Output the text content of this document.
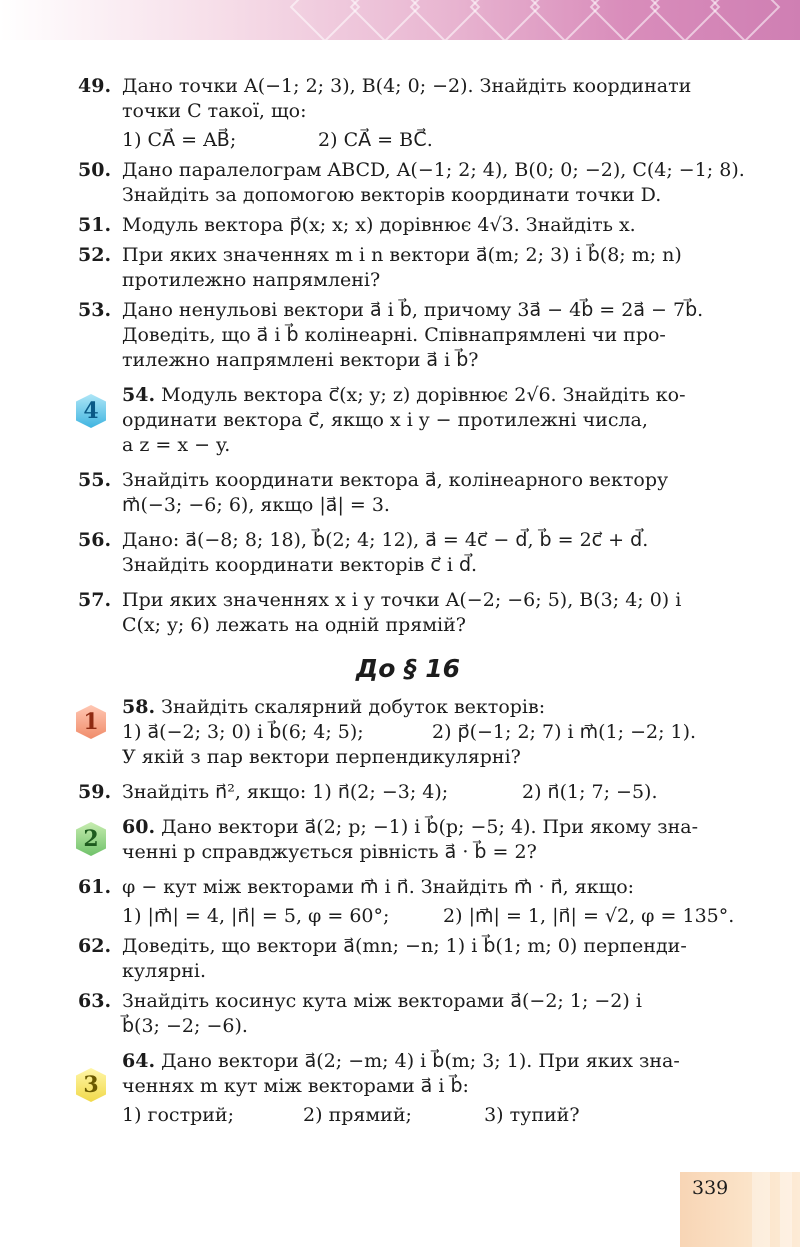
4
1
2
3
49. Дано точки A(−1; 2; 3), B(4; 0; −2). Знайдіть координати
точки C такої, що:
1) CA⃗ = AB⃗;	2) CA⃗ = BC⃗.
50. Дано паралелограм ABCD, A(−1; 2; 4), B(0; 0; −2), C(4; −1; 8).
Знайдіть за допомогою векторів координати точки D.
51. Модуль вектора p⃗(x; x; x) дорівнює 4√3. Знайдіть x.
52. При яких значеннях m і n вектори a⃗(m; 2; 3) і b⃗(8; m; n)
протилежно напрямлені?
53. Дано ненульові вектори a⃗ і b⃗, причому 3a⃗ − 4b⃗ = 2a⃗ − 7b⃗.
Доведіть, що a⃗ і b⃗ колінеарні. Співнапрямлені чи про-
тилежно напрямлені вектори a⃗ і b⃗?
54. Модуль вектора c⃗(x; y; z) дорівнює 2√6. Знайдіть ко-
ординати вектора c⃗, якщо x і y − протилежні числа,
а z = x − y.
55. Знайдіть координати вектора a⃗, колінеарного вектору
m⃗(−3; −6; 6), якщо |a⃗| = 3.
56. Дано: a⃗(−8; 8; 18), b⃗(2; 4; 12), a⃗ = 4c⃗ − d⃗, b⃗ = 2c⃗ + d⃗.
Знайдіть координати векторів c⃗ і d⃗.
57. При яких значеннях x і y точки A(−2; −6; 5), B(3; 4; 0) і
C(x; y; 6) лежать на одній прямій?
До § 16
58. Знайдіть скалярний добуток векторів:
1) a⃗(−2; 3; 0) і b⃗(6; 4; 5);	2) p⃗(−1; 2; 7) і m⃗(1; −2; 1).
У якій з пар вектори перпендикулярні?
59. Знайдіть n⃗², якщо: 1) n⃗(2; −3; 4);	2) n⃗(1; 7; −5).
60. Дано вектори a⃗(2; p; −1) і b⃗(p; −5; 4). При якому зна-
ченні p справджується рівність a⃗ · b⃗ = 2?
61. φ − кут між векторами m⃗ і n⃗. Знайдіть m⃗ · n⃗, якщо:
1) |m⃗| = 4, |n⃗| = 5, φ = 60°;	2) |m⃗| = 1, |n⃗| = √2, φ = 135°.
62. Доведіть, що вектори a⃗(mn; −n; 1) і b⃗(1; m; 0) перпенди-
кулярні.
63. Знайдіть косинус кута між векторами a⃗(−2; 1; −2) і
b⃗(3; −2; −6).
64. Дано вектори a⃗(2; −m; 4) і b⃗(m; 3; 1). При яких зна-
ченнях m кут між векторами a⃗ і b⃗:
1) гострий;	2) прямий;	3) тупий?
339
